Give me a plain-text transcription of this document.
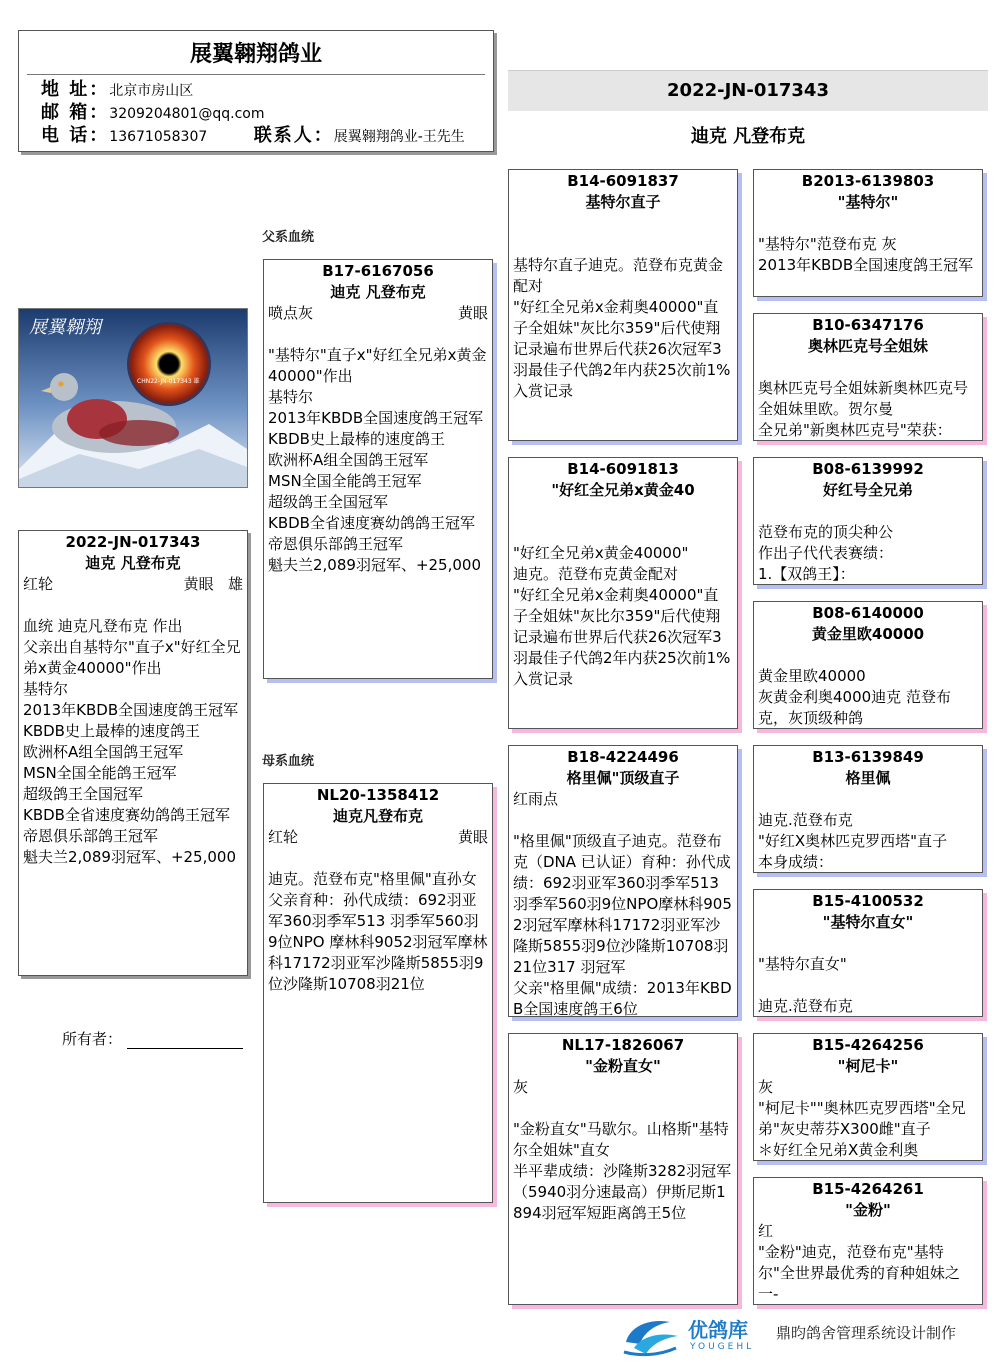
展翼翱翔鸽业
地 址：北京市房山区
邮 箱：3209204801@qq.com
电 话：13671058307	联系人：展翼翱翔鸽业-王先生
2022-JN-017343
迪克 凡登布克
父系血统
母系血统
展翼翱翔
CHN22-JN-017343 雄
2022-JN-017343
迪克 凡登布克
红轮	黄眼 雄

血统 迪克凡登布克 作出
父亲出自基特尔"直子x"好红全兄弟x黄金40000"作出
基特尔
2013年KBDB全国速度鸽王冠军
KBDB史上最棒的速度鸽王
欧洲杯A组全国鸽王冠军
MSN全国全能鸽王冠军
超级鸽王全国冠军
KBDB全省速度赛幼鸽鸽王冠军
帝恩俱乐部鸽王冠军
魁夫兰2,089羽冠军、+25,000
所有者：
B17-6167056
迪克 凡登布克
喷点灰	黄眼

"基特尔"直子x"好红全兄弟x黄金40000"作出
基特尔
2013年KBDB全国速度鸽王冠军
KBDB史上最棒的速度鸽王
欧洲杯A组全国鸽王冠军
MSN全国全能鸽王冠军
超级鸽王全国冠军
KBDB全省速度赛幼鸽鸽王冠军
帝恩俱乐部鸽王冠军
魁夫兰2,089羽冠军、+25,000
NL20-1358412
迪克凡登布克
红轮	黄眼

迪克。范登布克"格里佩"直孙女
父亲育种：孙代成绩：692羽亚军360羽季军513 羽季军560羽9位NPO 摩林科9052羽冠军摩林科17172羽亚军沙隆斯5855羽9位沙隆斯10708羽21位
B14-6091837
基特尔直子

基特尔直子迪克。范登布克黄金配对
"好红全兄弟x金莉奥40000"直子全姐妹"灰比尔359"后代使翔记录遍布世界后代获26次冠军3羽最佳子代鸽2年内获25次前1%入赏记录
B14-6091813
"好红全兄弟x黄金40

"好红全兄弟x黄金40000"
迪克。范登布克黄金配对
"好红全兄弟x金莉奥40000"直子全姐妹"灰比尔359"后代使翔记录遍布世界后代获26次冠军3羽最佳子代鸽2年内获25次前1%入赏记录
B18-4224496
格里佩"顶级直子
红雨点

"格里佩"顶级直子迪克。范登布克（DNA 已认证）育种：孙代成绩：692羽亚军360羽季军513羽季军560羽9位NPO摩林科9052羽冠军摩林科17172羽亚军沙隆斯5855羽9位沙隆斯10708羽21位317 羽冠军
父亲"格里佩"成绩：2013年KBDB全国速度鸽王6位
NL17-1826067
"金粉直女"
灰

"金粉直女"马歇尔。山格斯"基特尔全姐妹"直女
半平辈成绩：沙隆斯3282羽冠军（5940羽分速最高）伊斯尼斯1894羽冠军短距离鸽王5位
B2013-6139803
"基特尔"

"基特尔"范登布克 灰
2013年KBDB全国速度鸽王冠军
B10-6347176
奥林匹克号全姐妹

奥林匹克号全姐妹新奥林匹克号全姐妹里欧。贺尔曼
全兄弟"新奥林匹克号"荣获：
B08-6139992
好红号全兄弟

范登布克的顶尖种公
作出子代代表赛绩：
1.【双鸽王】：
B08-6140000
黄金里欧40000

黄金里欧40000
灰黄金利奥4000迪克 范登布克，灰顶级种鸽
B13-6139849
格里佩

迪克.范登布克
"好红X奥林匹克罗西塔"直子
本身成绩：
B15-4100532
"基特尔直女"

"基特尔直女"

迪克.范登布克
B15-4264256
"柯尼卡"
灰
"柯尼卡""奥林匹克罗西塔"全兄弟"灰史蒂芬X300雌"直子
＊好红全兄弟X黄金利奥
B15-4264261
"金粉"
红
"金粉"迪克，范登布克"基特尔"全世界最优秀的育种姐妹之一-
优鸽库
YOUGEHL
鼎昀鸽舍管理系统设计制作
